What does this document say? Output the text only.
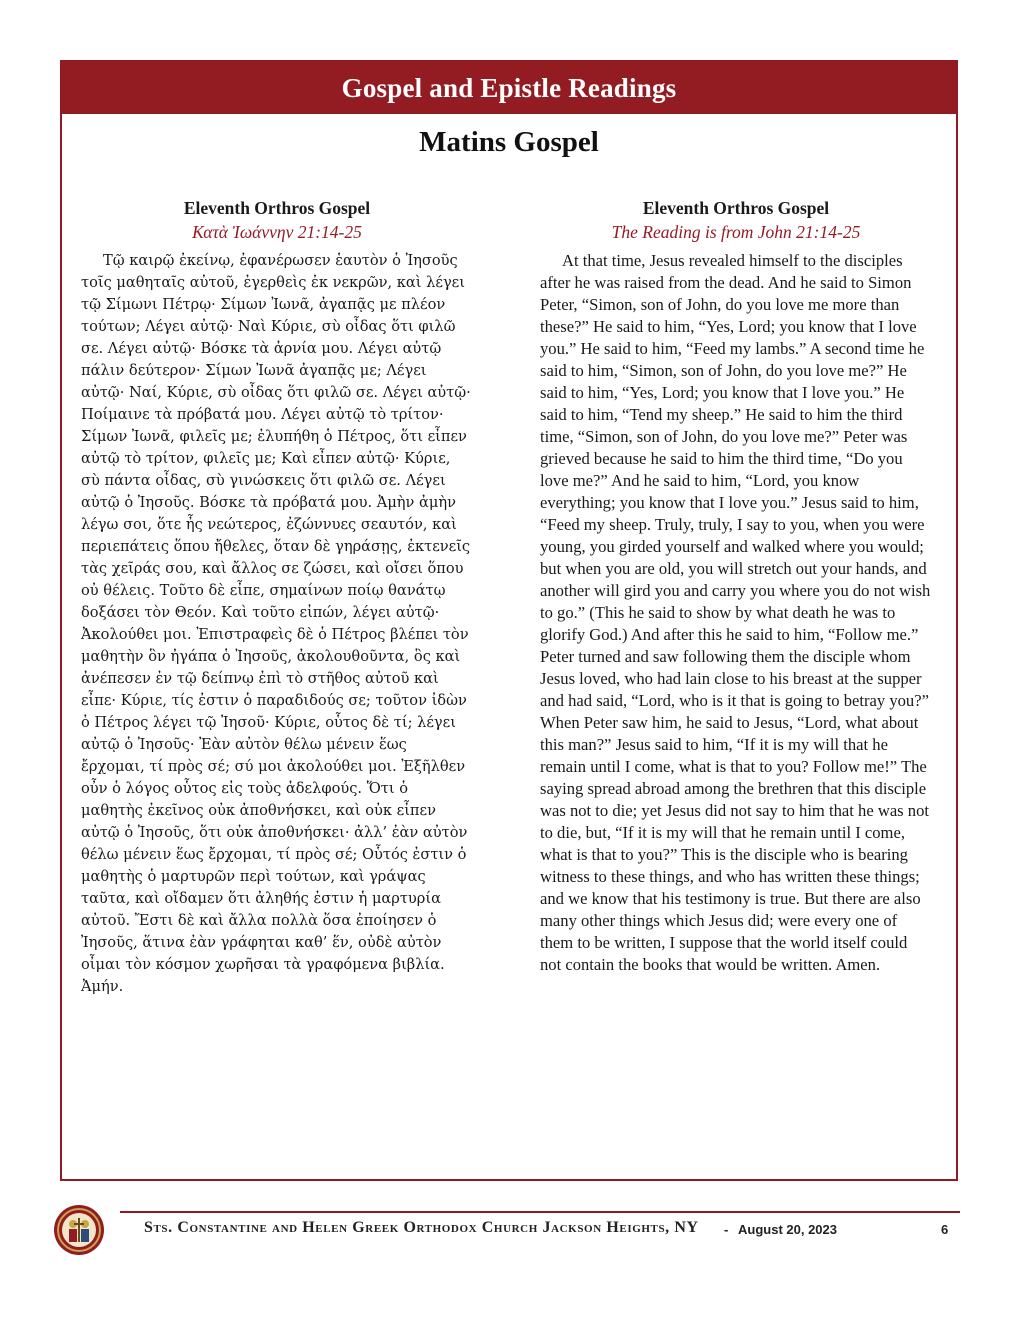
Gospel and Epistle Readings
Matins Gospel
Eleventh Orthros Gospel
Κατὰ Ἰωάννην 21:14-25
Τῷ καιρῷ ἐκείνῳ, ἐφανέρωσεν ἑαυτὸν ὁ Ἰησοῦς τοῖς μαθηταῖς αὐτοῦ, ἐγερθεὶς ἐκ νεκρῶν, καὶ λέγει τῷ Σίμωνι Πέτρῳ· Σίμων Ἰωνᾶ, ἀγαπᾷς με πλέον τούτων; Λέγει αὐτῷ· Ναὶ Κύριε, σὺ οἶδας ὅτι φιλῶ σε. Λέγει αὐτῷ· Βόσκε τὰ ἀρνία μου. Λέγει αὐτῷ πάλιν δεύτερον· Σίμων Ἰωνᾶ ἀγαπᾷς με; Λέγει αὐτῷ· Ναί, Κύριε, σὺ οἶδας ὅτι φιλῶ σε. Λέγει αὐτῷ· Ποίμαινε τὰ πρόβατά μου. Λέγει αὐτῷ τὸ τρίτον· Σίμων Ἰωνᾶ, φιλεῖς με; ἐλυπήθη ὁ Πέτρος, ὅτι εἶπεν αὐτῷ τὸ τρίτον, φιλεῖς με; Καὶ εἶπεν αὐτῷ· Κύριε, σὺ πάντα οἶδας, σὺ γινώσκεις ὅτι φιλῶ σε. Λέγει αὐτῷ ὁ Ἰησοῦς. Βόσκε τὰ πρόβατά μου. Ἀμὴν ἀμὴν λέγω σοι, ὅτε ἦς νεώτερος, ἐζώννυες σεαυτόν, καὶ περιεπάτεις ὅπου ἤθελες, ὅταν δὲ γηράσῃς, ἐκτενεῖς τὰς χεῖράς σου, καὶ ἄλλος σε ζώσει, καὶ οἴσει ὅπου οὐ θέλεις. Τοῦτο δὲ εἶπε, σημαίνων ποίῳ θανάτῳ δοξάσει τὸν Θεόν. Καὶ τοῦτο εἰπών, λέγει αὐτῷ· Ἀκολούθει μοι. Ἐπιστραφεὶς δὲ ὁ Πέτρος βλέπει τὸν μαθητὴν ὃν ἠγάπα ὁ Ἰησοῦς, ἀκολουθοῦντα, ὃς καὶ ἀνέπεσεν ἐν τῷ δείπνῳ ἐπὶ τὸ στῆθος αὐτοῦ καὶ εἶπε· Κύριε, τίς ἐστιν ὁ παραδιδούς σε; τοῦτον ἰδὼν ὁ Πέτρος λέγει τῷ Ἰησοῦ· Κύριε, οὗτος δὲ τί; λέγει αὐτῷ ὁ Ἰησοῦς· Ἐὰν αὐτὸν θέλω μένειν ἕως ἔρχομαι, τί πρὸς σέ; σύ μοι ἀκολούθει μοι. Ἐξῆλθεν οὖν ὁ λόγος οὗτος εἰς τοὺς ἀδελφούς. Ὅτι ὁ μαθητὴς ἐκεῖνος οὐκ ἀποθνήσκει, καὶ οὐκ εἶπεν αὐτῷ ὁ Ἰησοῦς, ὅτι οὐκ ἀποθνήσκει· ἀλλ’ ἐὰν αὐτὸν θέλω μένειν ἕως ἔρχομαι, τί πρὸς σέ; Οὗτός ἐστιν ὁ μαθητὴς ὁ μαρτυρῶν περὶ τούτων, καὶ γράψας ταῦτα, καὶ οἴδαμεν ὅτι ἀληθής ἐστιν ἡ μαρτυρία αὐτοῦ. Ἔστι δὲ καὶ ἄλλα πολλὰ ὅσα ἐποίησεν ὁ Ἰησοῦς, ἅτινα ἐὰν γράφηται καθ’ ἕν, οὐδὲ αὐτὸν οἶμαι τὸν κόσμον χωρῆσαι τὰ γραφόμενα βιβλία. Ἀμήν.
Eleventh Orthros Gospel
The Reading is from John 21:14-25
At that time, Jesus revealed himself to the disciples after he was raised from the dead. And he said to Simon Peter, “Simon, son of John, do you love me more than these?” He said to him, “Yes, Lord; you know that I love you.” He said to him, “Feed my lambs.” A second time he said to him, “Simon, son of John, do you love me?” He said to him, “Yes, Lord; you know that I love you.” He said to him, “Tend my sheep.” He said to him the third time, “Simon, son of John, do you love me?” Peter was grieved because he said to him the third time, “Do you love me?” And he said to him, “Lord, you know everything; you know that I love you.” Jesus said to him, “Feed my sheep. Truly, truly, I say to you, when you were young, you girded yourself and walked where you would; but when you are old, you will stretch out your hands, and another will gird you and carry you where you do not wish to go.” (This he said to show by what death he was to glorify God.) And after this he said to him, “Follow me.” Peter turned and saw following them the disciple whom Jesus loved, who had lain close to his breast at the supper and had said, “Lord, who is it that is going to betray you?” When Peter saw him, he said to Jesus, “Lord, what about this man?” Jesus said to him, “If it is my will that he remain until I come, what is that to you? Follow me!” The saying spread abroad among the brethren that this disciple was not to die; yet Jesus did not say to him that he was not to die, but, “If it is my will that he remain until I come, what is that to you?” This is the disciple who is bearing witness to these things, and who has written these things; and we know that his testimony is true. But there are also many other things which Jesus did; were every one of them to be written, I suppose that the world itself could not contain the books that would be written. Amen.
Sts. Constantine and Helen Greek Orthodox Church Jackson Heights, NY - August 20, 2023	6
